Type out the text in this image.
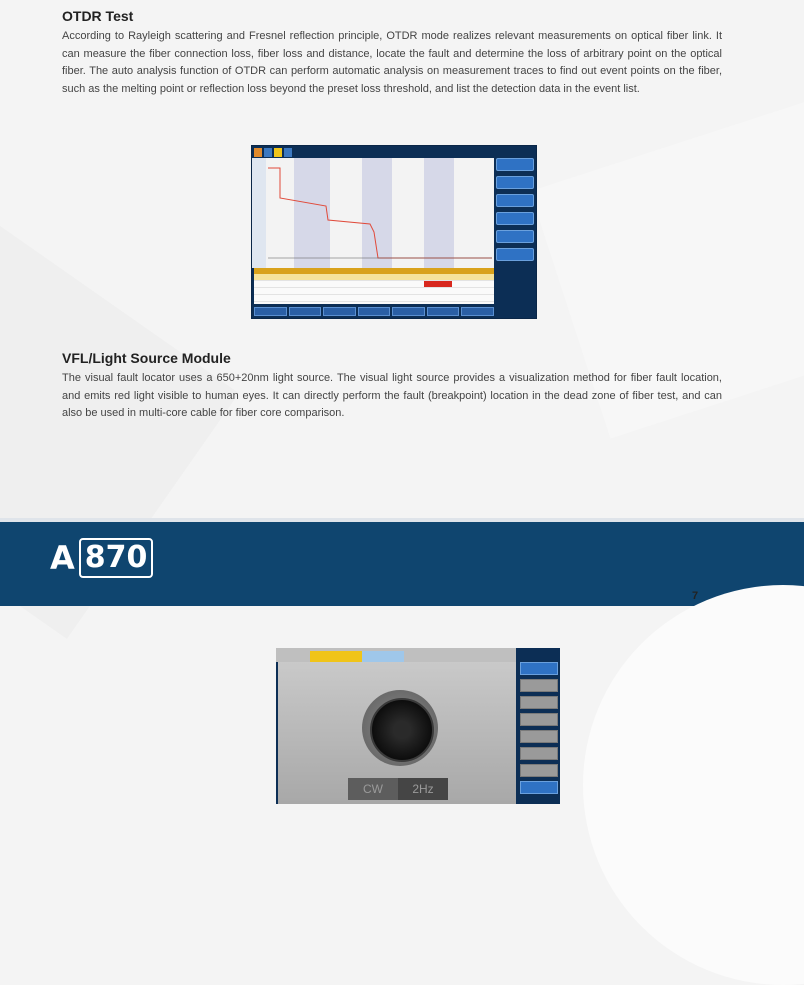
OTDR Test

According to Rayleigh scattering and Fresnel reflection principle, OTDR mode realizes relevant measurements on optical fiber link. It can measure the fiber connection loss, fiber loss and distance, locate the fault and determine the loss of arbitrary point on the optical fiber. The auto analysis function of OTDR can perform automatic analysis on measurement traces to find out event points on the fiber, such as the melting point or reflection loss beyond the preset loss threshold, and list the detection data in the event list.

VFL/Light Source Module

The visual fault locator uses a 650+20nm light source. The visual light source provides a visualization method for fiber fault location, and emits red light visible to human eyes. It can directly perform the fault (breakpoint) location in the dead zone of fiber test, and can also be used in multi-core cable for fiber core comparison.

A 870
7
CW	2Hz
